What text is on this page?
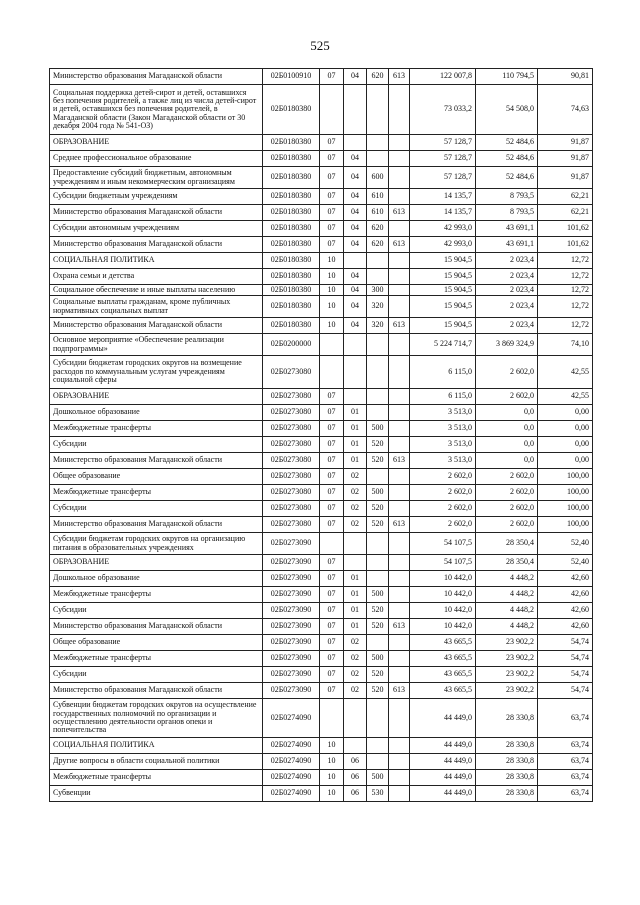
525
Министерство образования Магаданской области	02Б0100910	07	04	620	613	122 007,8	110 794,5	90,81
Социальная поддержка детей-сирот и детей, оставшихся без попечения родителей, а также лиц из числа детей-сирот и детей, оставшихся без попечения родителей, в Магаданской области (Закон Магаданской области от 30 декабря 2004 года № 541-ОЗ)	02Б0180380					73 033,2	54 508,0	74,63
ОБРАЗОВАНИЕ	02Б0180380	07				57 128,7	52 484,6	91,87
Среднее профессиональное образование	02Б0180380	07	04			57 128,7	52 484,6	91,87
Предоставление субсидий бюджетным, автономным учреждениям и иным некоммерческим организациям	02Б0180380	07	04	600		57 128,7	52 484,6	91,87
Субсидии бюджетным учреждениям	02Б0180380	07	04	610		14 135,7	8 793,5	62,21
Министерство образования Магаданской области	02Б0180380	07	04	610	613	14 135,7	8 793,5	62,21
Субсидии автономным учреждениям	02Б0180380	07	04	620		42 993,0	43 691,1	101,62
Министерство образования Магаданской области	02Б0180380	07	04	620	613	42 993,0	43 691,1	101,62
СОЦИАЛЬНАЯ ПОЛИТИКА	02Б0180380	10				15 904,5	2 023,4	12,72
Охрана семьи и детства	02Б0180380	10	04			15 904,5	2 023,4	12,72
Социальное обеспечение и иные выплаты населению	02Б0180380	10	04	300		15 904,5	2 023,4	12,72
Социальные выплаты гражданам, кроме публичных нормативных социальных выплат	02Б0180380	10	04	320		15 904,5	2 023,4	12,72
Министерство образования Магаданской области	02Б0180380	10	04	320	613	15 904,5	2 023,4	12,72
Основное мероприятие «Обеспечение реализации подпрограммы»	02Б0200000					5 224 714,7	3 869 324,9	74,10
Субсидии бюджетам городских округов на возмещение расходов по коммунальным услугам учреждениям социальной сферы	02Б0273080					6 115,0	2 602,0	42,55
ОБРАЗОВАНИЕ	02Б0273080	07				6 115,0	2 602,0	42,55
Дошкольное образование	02Б0273080	07	01			3 513,0	0,0	0,00
Межбюджетные трансферты	02Б0273080	07	01	500		3 513,0	0,0	0,00
Субсидии	02Б0273080	07	01	520		3 513,0	0,0	0,00
Министерство образования Магаданской области	02Б0273080	07	01	520	613	3 513,0	0,0	0,00
Общее образование	02Б0273080	07	02			2 602,0	2 602,0	100,00
Межбюджетные трансферты	02Б0273080	07	02	500		2 602,0	2 602,0	100,00
Субсидии	02Б0273080	07	02	520		2 602,0	2 602,0	100,00
Министерство образования Магаданской области	02Б0273080	07	02	520	613	2 602,0	2 602,0	100,00
Субсидии бюджетам городских округов на организацию питания в образовательных учреждениях	02Б0273090					54 107,5	28 350,4	52,40
ОБРАЗОВАНИЕ	02Б0273090	07				54 107,5	28 350,4	52,40
Дошкольное образование	02Б0273090	07	01			10 442,0	4 448,2	42,60
Межбюджетные трансферты	02Б0273090	07	01	500		10 442,0	4 448,2	42,60
Субсидии	02Б0273090	07	01	520		10 442,0	4 448,2	42,60
Министерство образования Магаданской области	02Б0273090	07	01	520	613	10 442,0	4 448,2	42,60
Общее образование	02Б0273090	07	02			43 665,5	23 902,2	54,74
Межбюджетные трансферты	02Б0273090	07	02	500		43 665,5	23 902,2	54,74
Субсидии	02Б0273090	07	02	520		43 665,5	23 902,2	54,74
Министерство образования Магаданской области	02Б0273090	07	02	520	613	43 665,5	23 902,2	54,74
Субвенции бюджетам городских округов на осуществление государственных полномочий по организации и осуществлению деятельности органов опеки и попечительства	02Б0274090					44 449,0	28 330,8	63,74
СОЦИАЛЬНАЯ ПОЛИТИКА	02Б0274090	10				44 449,0	28 330,8	63,74
Другие вопросы в области социальной политики	02Б0274090	10	06			44 449,0	28 330,8	63,74
Межбюджетные трансферты	02Б0274090	10	06	500		44 449,0	28 330,8	63,74
Субвенции	02Б0274090	10	06	530		44 449,0	28 330,8	63,74
